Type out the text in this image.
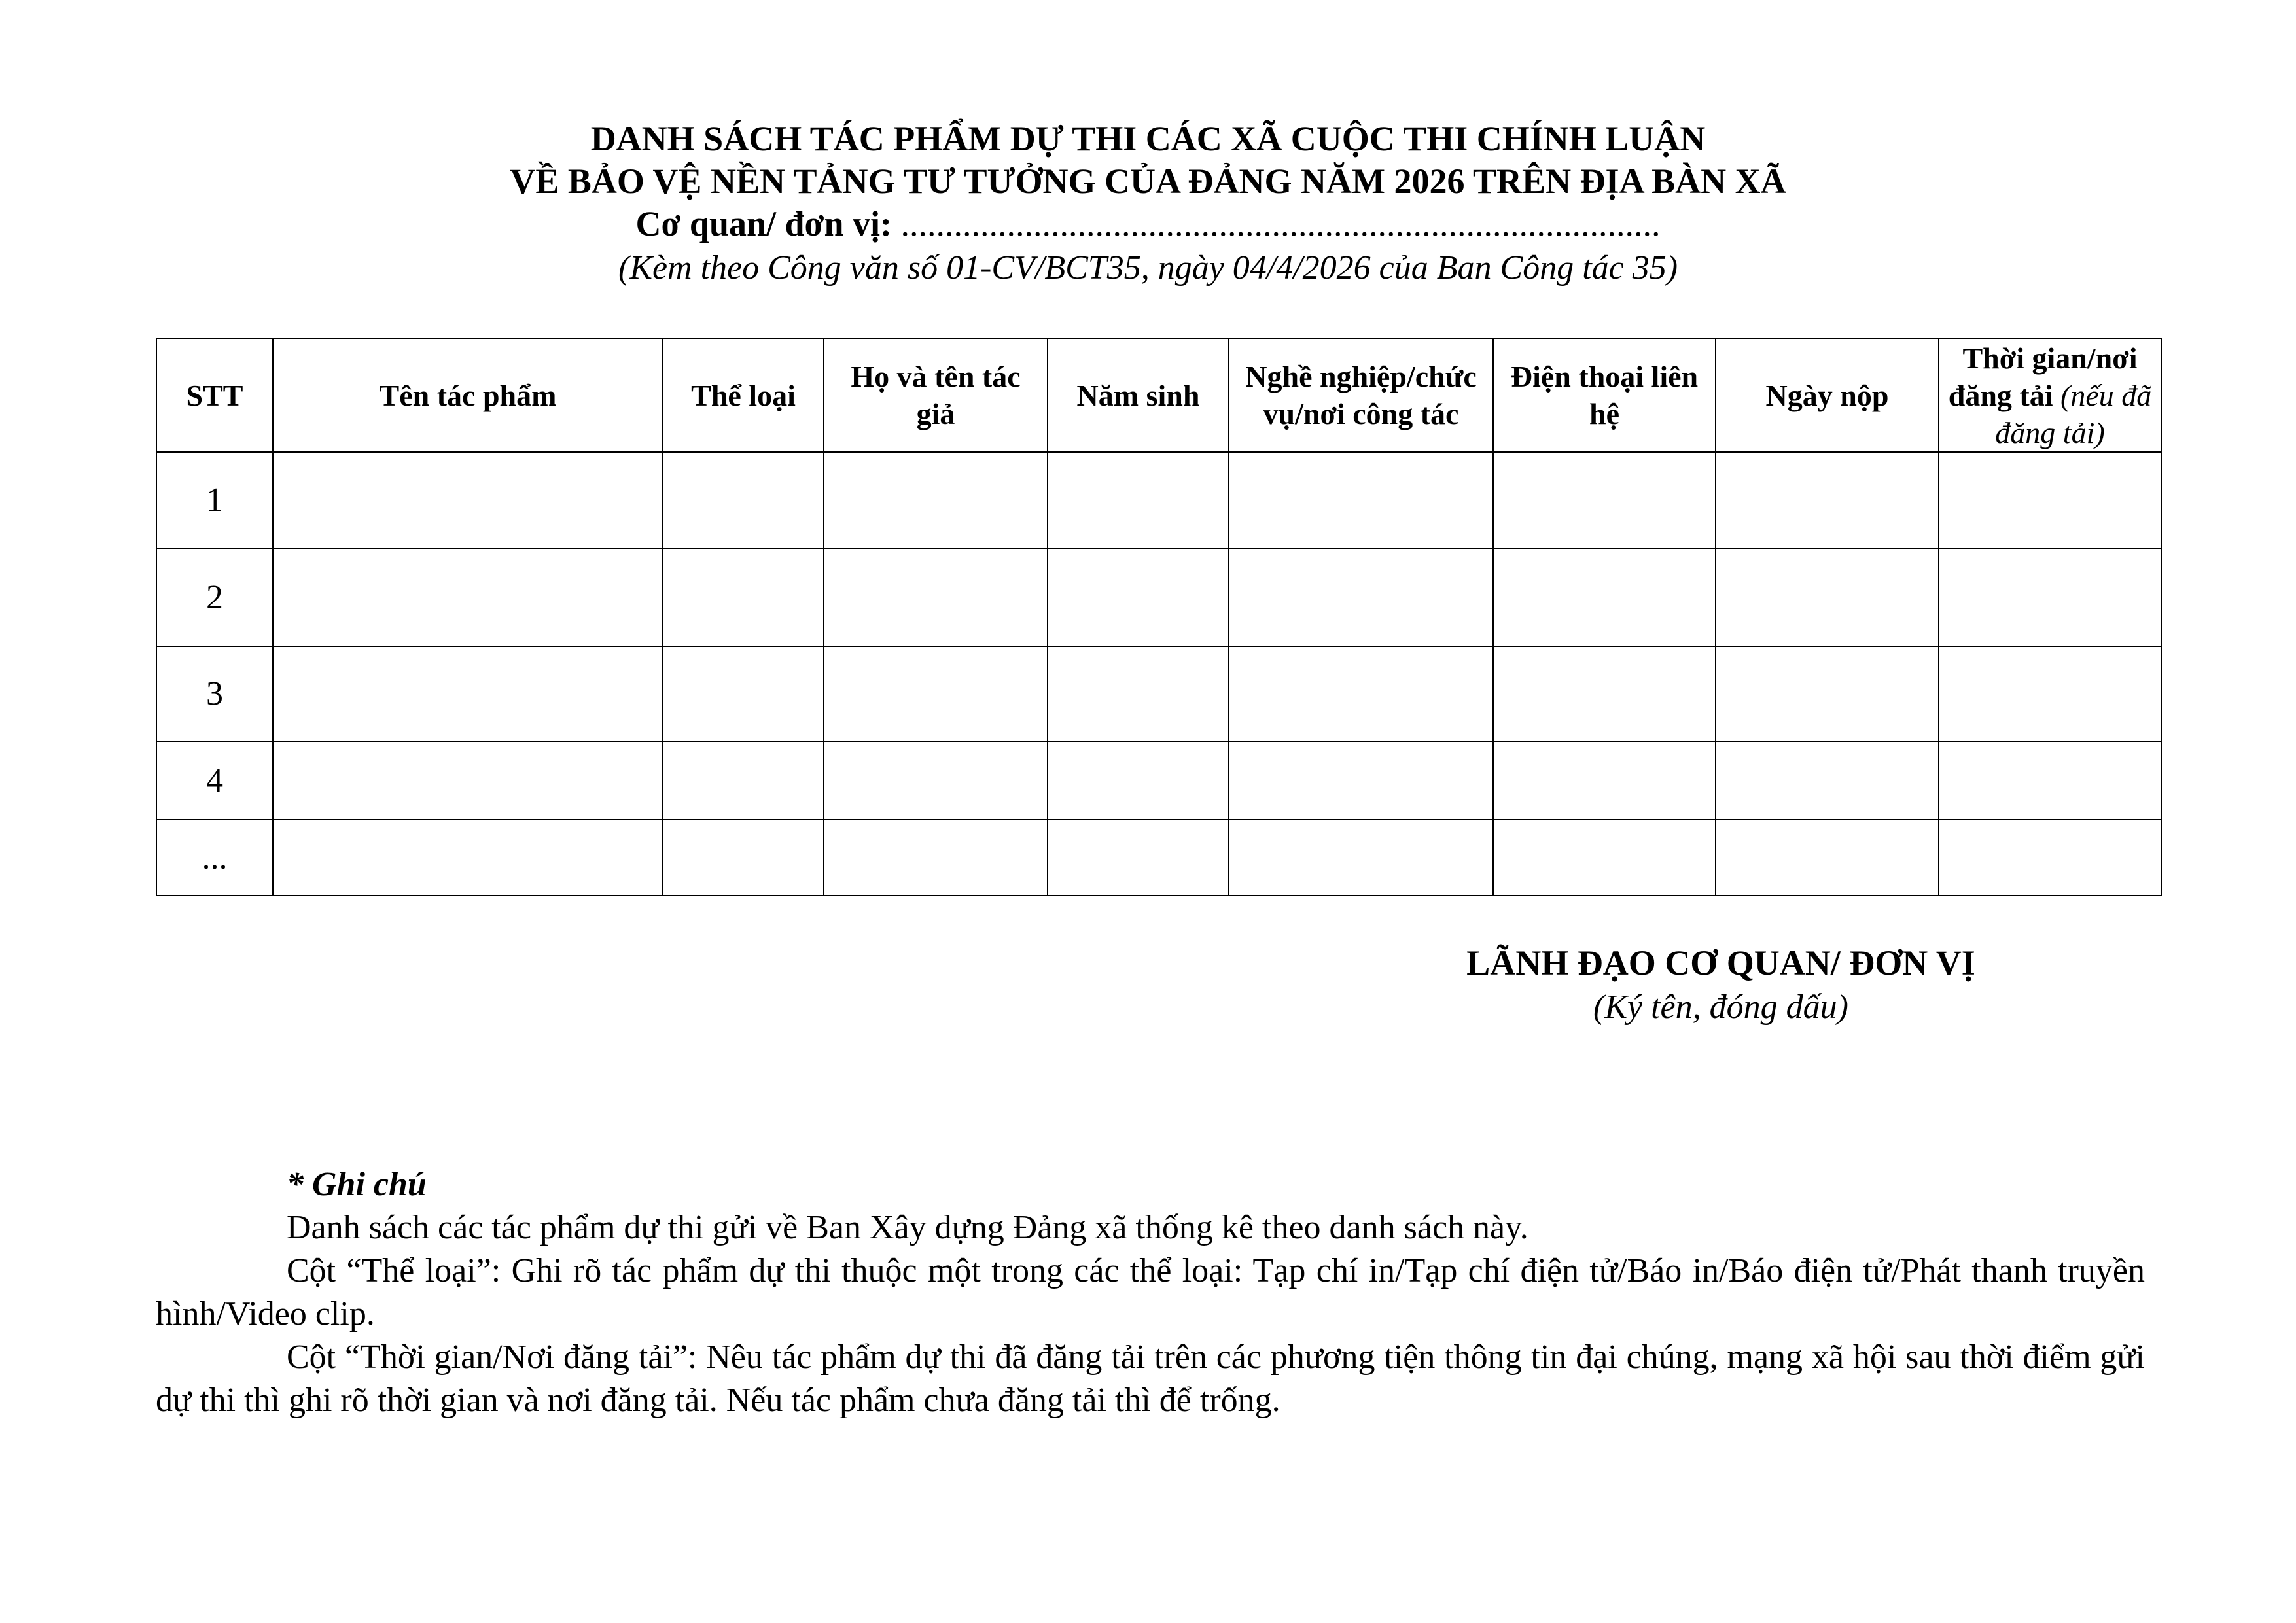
DANH SÁCH TÁC PHẨM DỰ THI CÁC XÃ CUỘC THI CHÍNH LUẬN
VỀ BẢO VỆ NỀN TẢNG TƯ TƯỞNG CỦA ĐẢNG NĂM 2026 TRÊN ĐỊA BÀN XÃ
Cơ quan/ đơn vị: ......................................................................................
(Kèm theo Công văn số 01-CV/BCT35, ngày 04/4/2026 của Ban Công tác 35)
STT	Tên tác phẩm	Thể loại	Họ và tên tác giả	Năm sinh	Nghề nghiệp/chức vụ/nơi công tác	Điện thoại liên hệ	Ngày nộp	Thời gian/nơi đăng tải (nếu đã đăng tải)
1								
2								
3								
4								
...								
LÃNH ĐẠO CƠ QUAN/ ĐƠN VỊ
(Ký tên, đóng dấu)

* Ghi chú

Danh sách các tác phẩm dự thi gửi về Ban Xây dựng Đảng xã thống kê theo danh sách này.

Cột “Thể loại”: Ghi rõ tác phẩm dự thi thuộc một trong các thể loại: Tạp chí in/Tạp chí điện tử/Báo in/Báo điện tử/Phát thanh truyền hình/Video clip.

Cột “Thời gian/Nơi đăng tải”: Nêu tác phẩm dự thi đã đăng tải trên các phương tiện thông tin đại chúng, mạng xã hội sau thời điểm gửi dự thi thì ghi rõ thời gian và nơi đăng tải. Nếu tác phẩm chưa đăng tải thì để trống.
